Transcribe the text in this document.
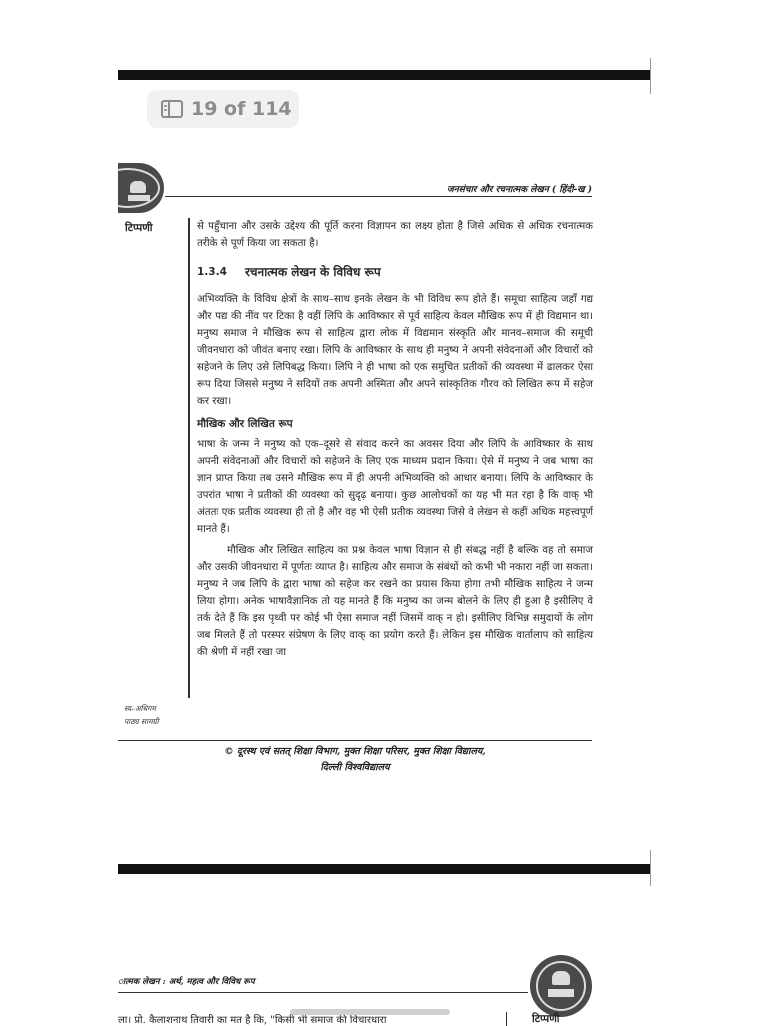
19 of 114
जनसंचार और रचनात्मक लेखन ( हिंदी-ख )
टिप्पणी	से पहुँचाना और उसके उद्देश्य की पूर्ति करना विज्ञापन का लक्ष्य होता है जिसे अधिक से अधिक रचनात्मक तरीके से पूर्ण किया जा सकता है।

1.3.4	रचनात्मक लेखन के विविध रूप

अभिव्यक्ति के विविध क्षेत्रों के साथ–साथ इनके लेखन के भी विविध रूप होते हैं। समूचा साहित्य जहाँ गद्य और पद्य की नींव पर टिका है वहीं लिपि के आविष्कार से पूर्व साहित्य केवल मौखिक रूप में ही विद्यमान था। मनुष्य समाज ने मौखिक रूप से साहित्य द्वारा लोक में विद्यमान संस्कृति और मानव–समाज की समूची जीवनधारा को जीवंत बनाए रखा। लिपि के आविष्कार के साथ ही मनुष्य ने अपनी संवेदनाओं और विचारों को सहेजने के लिए उसे लिपिबद्ध किया। लिपि ने ही भाषा को एक समुचित प्रतीकों की व्यवस्था में ढालकर ऐसा रूप दिया जिससे मनुष्य ने सदियों तक अपनी अस्मिता और अपने सांस्कृतिक गौरव को लिखित रूप में सहेज कर रखा।

मौखिक और लिखित रूप

भाषा के जन्म ने मनुष्य को एक–दूसरे से संवाद करने का अवसर दिया और लिपि के आविष्कार के साथ अपनी संवेदनाओं और विचारों को सहेजने के लिए एक माध्यम प्रदान किया। ऐसे में मनुष्य ने जब भाषा का ज्ञान प्राप्त किया तब उसने मौखिक रूप में ही अपनी अभिव्यक्ति को आधार बनाया। लिपि के आविष्कार के उपरांत भाषा ने प्रतीकों की व्यवस्था को सुदृढ़ बनाया। कुछ आलोचकों का यह भी मत रहा है कि वाक् भी अंततः एक प्रतीक व्यवस्था ही तो है और वह भी ऐसी प्रतीक व्यवस्था जिसे वे लेखन से कहीं अधिक महत्त्वपूर्ण मानते हैं।

मौखिक और लिखित साहित्य का प्रश्न केवल भाषा विज्ञान से ही संबद्ध नहीं है बल्कि वह तो समाज और उसकी जीवनधारा में पूर्णतः व्याप्त है। साहित्य और समाज के संबंधों को कभी भी नकारा नहीं जा सकता। मनुष्य ने जब लिपि के द्वारा भाषा को सहेज कर रखने का प्रयास किया होगा तभी मौखिक साहित्य ने जन्म लिया होगा। अनेक भाषावैज्ञानिक तो यह मानते हैं कि मनुष्य का जन्म बोलने के लिए ही हुआ है इसीलिए वे तर्क देते हैं कि इस पृथ्वी पर कोई भी ऐसा समाज नहीं जिसमें वाक् न हो। इसीलिए विभिन्न समुदायों के लोग जब मिलते हैं तो परस्पर संप्रेषण के लिए वाक् का प्रयोग करते हैं। लेकिन इस मौखिक वार्तालाप को साहित्य की श्रेणी में नहीं रखा जा

स्व–अधिगम
पाठ्य सामग्री
© दूरस्थ एवं सतत् शिक्षा विभाग, मुक्त शिक्षा परिसर, मुक्त शिक्षा विद्यालय,
दिल्ली विश्वविद्यालय
ात्मक लेखन : अर्थ, महत्व और विविध रूप
ला। प्रो. कैलाशनाथ तिवारी का मत है कि, "किसी भी समाज की विचारधारा	टिप्पणी
